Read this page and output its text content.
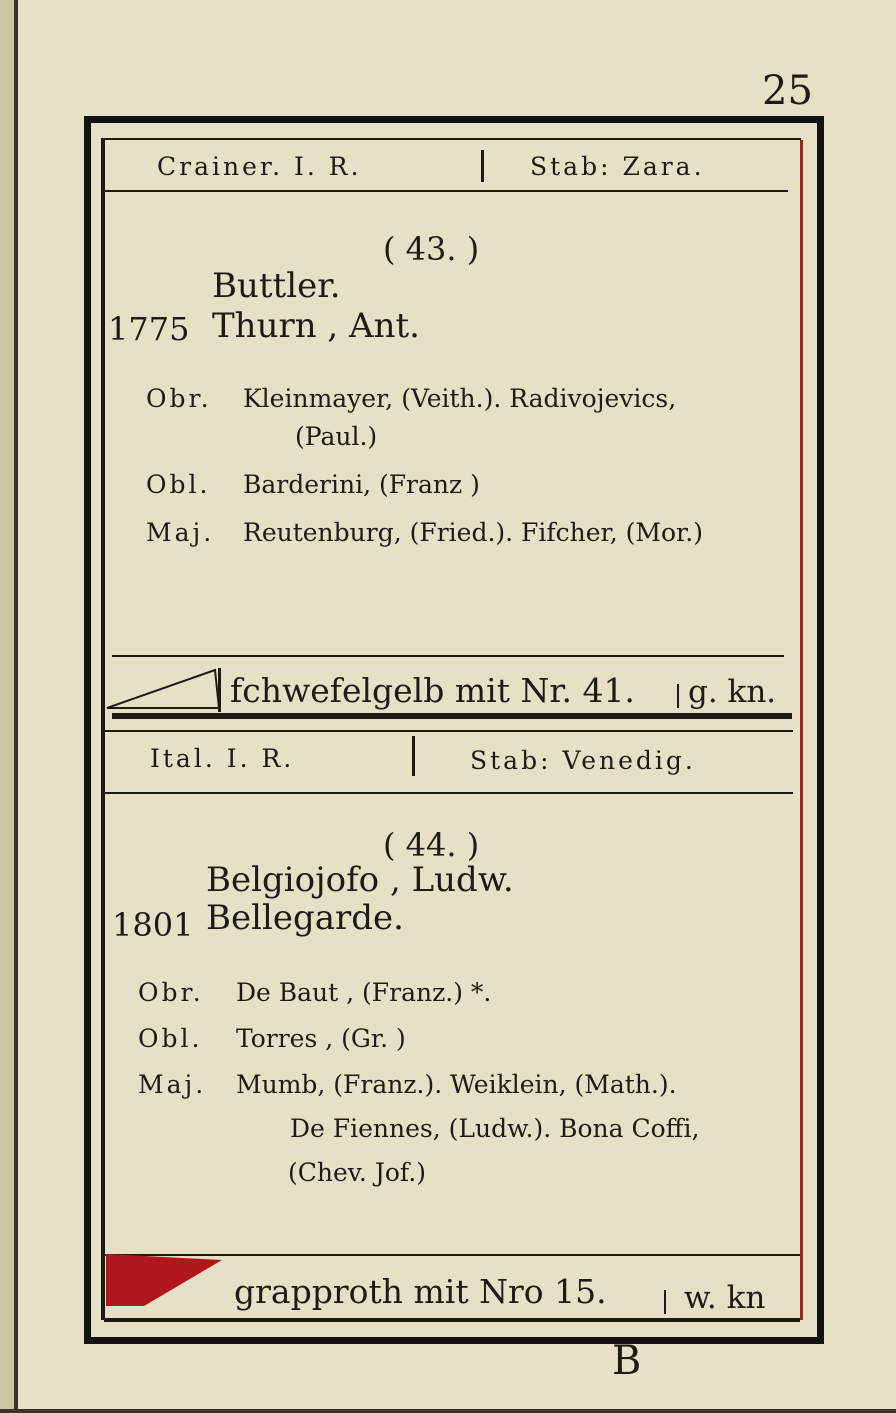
25
Crainer. I. R.	Stab: Zara.
( 43. )
Buttler.
1775 Thurn , Ant.
Obr. Kleinmayer, (Veith.). Radivojevics,
(Paul.)
Obl. Barderini, (Franz )
Maj. Reutenburg, (Fried.). Fifcher, (Mor.)
fchwefelgelb mit Nr. 41. g. kn.
Ital. I. R.	Stab: Venedig.
( 44. )
Belgiojofo , Ludw.
1801 Bellegarde.
Obr. De Baut , (Franz.) *.
Obl. Torres , (Gr. )
Maj. Mumb, (Franz.). Weiklein, (Math.).
De Fiennes, (Ludw.). Bona Coffi,
(Chev. Jof.)
grapproth mit Nro 15. w. kn
B
